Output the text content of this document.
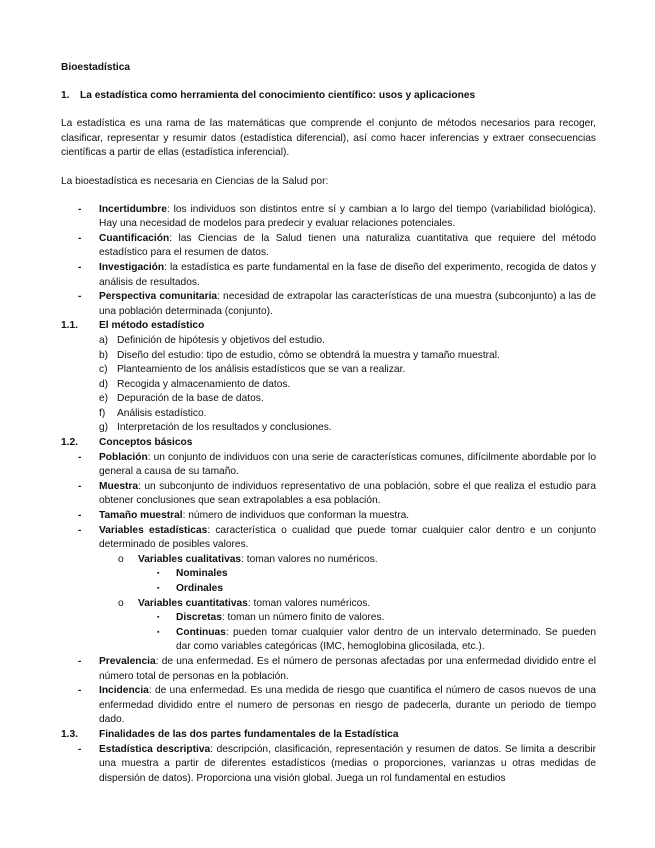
Bioestadística
1.	La estadística como herramienta del conocimiento científico: usos y aplicaciones
La estadística es una rama de las matemáticas que comprende el conjunto de métodos necesarios para recoger, clasificar, representar y resumir datos (estadística diferencial), así como hacer inferencias y extraer consecuencias científicas a partir de ellas (estadística inferencial).
La bioestadística es necesaria en Ciencias de la Salud por:
-	Incertidumbre: los individuos son distintos entre sí y cambian a lo largo del tiempo (variabilidad biológica). Hay una necesidad de modelos para predecir y evaluar relaciones potenciales.
-	Cuantificación: las Ciencias de la Salud tienen una naturaliza cuantitativa que requiere del método estadístico para el resumen de datos.
-	Investigación: la estadística es parte fundamental en la fase de diseño del experimento, recogida de datos y análisis de resultados.
-	Perspectiva comunitaria: necesidad de extrapolar las características de una muestra (subconjunto) a las de una población determinada (conjunto).
1.1.	El método estadístico
a) Definición de hipótesis y objetivos del estudio.
b) Diseño del estudio: tipo de estudio, cómo se obtendrá la muestra y tamaño muestral.
c) Planteamiento de los análisis estadísticos que se van a realizar.
d) Recogida y almacenamiento de datos.
e) Depuración de la base de datos.
f)	Análisis estadístico.
g) Interpretación de los resultados y conclusiones.
1.2.	Conceptos básicos
-	Población: un conjunto de individuos con una serie de características comunes, difícilmente abordable por lo general a causa de su tamaño.
-	Muestra: un subconjunto de individuos representativo de una población, sobre el que realiza el estudio para obtener conclusiones que sean extrapolables a esa población.
-	Tamaño muestral: número de individuos que conforman la muestra.
-	Variables estadísticas: característica o cualidad que puede tomar cualquier calor dentro e un conjunto determinado de posibles valores.
o	Variables cualitativas: toman valores no numéricos.
▪	Nominales
▪	Ordinales
o	Variables cuantitativas: toman valores numéricos.
▪	Discretas: toman un número finito de valores.
▪	Continuas: pueden tomar cualquier valor dentro de un intervalo determinado. Se pueden dar como variables categóricas (IMC, hemoglobina glicosilada, etc.).
-	Prevalencia: de una enfermedad. Es el número de personas afectadas por una enfermedad dividido entre el número total de personas en la población.
-	Incidencia: de una enfermedad. Es una medida de riesgo que cuantifica el número de casos nuevos de una enfermedad dividido entre el numero de personas en riesgo de padecerla, durante un periodo de tiempo dado.
1.3.	Finalidades de las dos partes fundamentales de la Estadística
-	Estadística descriptiva: descripción, clasificación, representación y resumen de datos. Se limita a describir una muestra a partir de diferentes estadísticos (medias o proporciones, varianzas u otras medidas de dispersión de datos). Proporciona una visión global. Juega un rol fundamental en estudios
